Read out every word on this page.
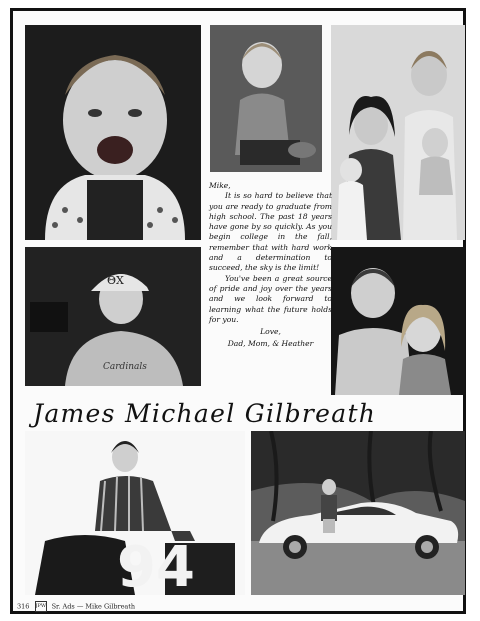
ΘX
Cardinals

Mike,

It is so hard to believe that you are ready to graduate from high school. The past 18 years have gone by so quickly. As you begin college in the fall, remember that with hard work and a determination to succeed, the sky is the limit!

You've been a great source of pride and joy over the years and we look forward to learning what the future holds for you.

Love,

Dad, Mom, & Heather

James Michael Gilbreath
94
316 JPW Sr. Ads — Mike Gilbreath
